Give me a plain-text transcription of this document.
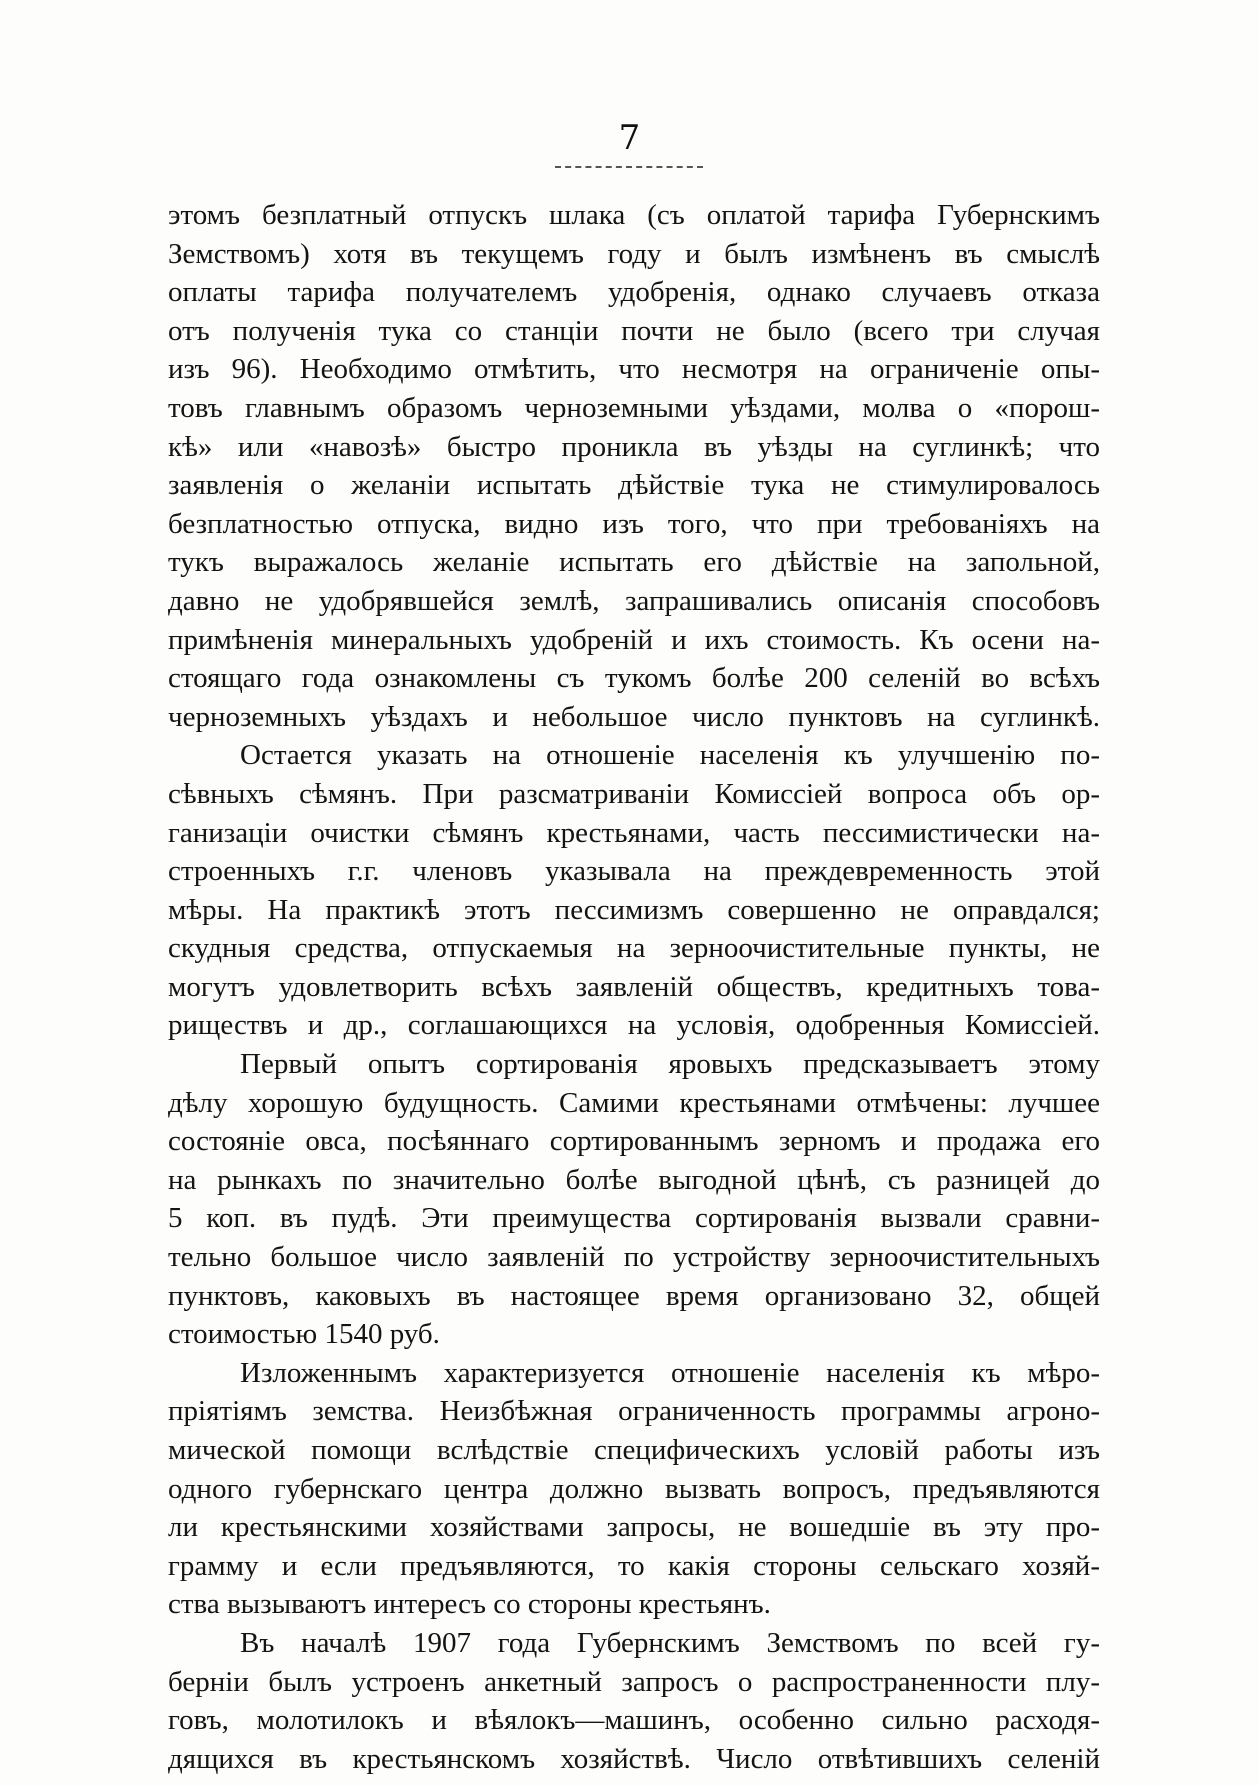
7
этомъ безплатный отпускъ шлака (съ оплатой тарифа Губернскимъ
Земствомъ) хотя въ текущемъ году и былъ измѣненъ въ смыслѣ
оплаты тарифа получателемъ удобренія, однако случаевъ отказа
отъ полученія тука со станціи почти не было (всего три случая
изъ 96). Необходимо отмѣтить, что несмотря на ограниченіе опы-
товъ главнымъ образомъ черноземными уѣздами, молва о «порош-
кѣ» или «навозѣ» быстро проникла въ уѣзды на суглинкѣ; что
заявленія о желаніи испытать дѣйствіе тука не стимулировалось
безплатностью отпуска, видно изъ того, что при требованіяхъ на
тукъ выражалось желаніе испытать его дѣйствіе на запольной,
давно не удобрявшейся землѣ, запрашивались описанія способовъ
примѣненія минеральныхъ удобреній и ихъ стоимость. Къ осени на-
стоящаго года ознакомлены съ тукомъ болѣе 200 селеній во всѣхъ
черноземныхъ уѣздахъ и небольшое число пунктовъ на суглинкѣ.
Остается указать на отношеніе населенія къ улучшенію по-
сѣвныхъ сѣмянъ. При разсматриваніи Комиссіей вопроса объ ор-
ганизаціи очистки сѣмянъ крестьянами, часть пессимистически на-
строенныхъ г.г. членовъ указывала на преждевременность этой
мѣры. На практикѣ этотъ пессимизмъ совершенно не оправдался;
скудныя средства, отпускаемыя на зерноочистительные пункты, не
могутъ удовлетворить всѣхъ заявленій обществъ, кредитныхъ това-
риществъ и др., соглашающихся на условія, одобренныя Комиссіей.
Первый опытъ сортированія яровыхъ предсказываетъ этому
дѣлу хорошую будущность. Самими крестьянами отмѣчены: лучшее
состояніе овса, посѣяннаго сортированнымъ зерномъ и продажа его
на рынкахъ по значительно болѣе выгодной цѣнѣ, съ разницей до
5 коп. въ пудѣ. Эти преимущества сортированія вызвали сравни-
тельно большое число заявленій по устройству зерноочистительныхъ
пунктовъ, каковыхъ въ настоящее время организовано 32, общей
стоимостью 1540 руб.
Изложеннымъ характеризуется отношеніе населенія къ мѣро-
пріятіямъ земства. Неизбѣжная ограниченность программы агроно-
мической помощи вслѣдствіе специфическихъ условій работы изъ
одного губернскаго центра должно вызвать вопросъ, предъявляются
ли крестьянскими хозяйствами запросы, не вошедшіе въ эту про-
грамму и если предъявляются, то какія стороны сельскаго хозяй-
ства вызываютъ интересъ со стороны крестьянъ.
Въ началѣ 1907 года Губернскимъ Земствомъ по всей гу-
берніи былъ устроенъ анкетный запросъ о распространенности плу-
говъ, молотилокъ и вѣялокъ—машинъ, особенно сильно расходя-
дящихся въ крестьянскомъ хозяйствѣ. Число отвѣтившихъ селеній
